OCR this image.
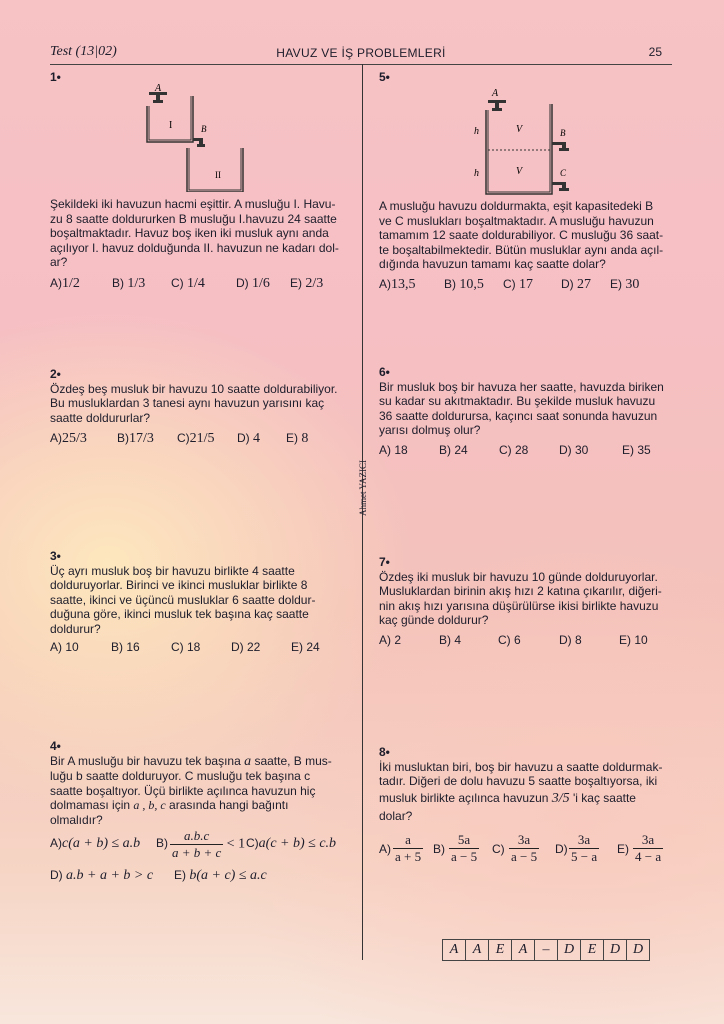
Test (13|02)	HAVUZ VE İŞ PROBLEMLERİ	25
Ahmet YAZICI
1•
A
I	B
II
Şekildeki iki havuzun hacmi eşittir. A musluğu I. Havu-
zu 8 saatte doldururken B musluğu I.havuzu 24 saatte
boşaltmaktadır. Havuz boş iken iki musluk aynı anda
açılıyor I. havuz dolduğunda II. havuzun ne kadarı dol-
ar?
A)1/2	B) 1/3 C) 1/4	D) 1/6 E) 2/3
2•
Özdeş beş musluk bir havuzu 10 saatte doldurabiliyor.
Bu musluklardan 3 tanesi aynı havuzun yarısını kaç
saatte doldururlar?
A)25/3	B)17/3 C)21/5 D) 4 E) 8
3•
Üç ayrı musluk boş bir havuzu birlikte 4 saatte
dolduruyorlar. Birinci ve ikinci musluklar birlikte 8
saatte, ikinci ve üçüncü musluklar 6 saatte doldur-
duğuna göre, ikinci musluk tek başına kaç saatte
doldurur?
A) 10	B) 16	C) 18	D) 22	E) 24
4•
Bir A musluğu bir havuzu tek başına a saatte, B mus-
luğu b saatte dolduruyor. C musluğu tek başına c
saatte boşaltıyor. Üçü birlikte açılınca havuzun hiç
dolmaması için a , b, c arasında hangi bağıntı
olmalıdır?
A)c(a + b) ≤ a.b $B) \frac{a.b.c}{a + b + c} < 1$ C)a(c + b) ≤ c.b
D) a.b + a + b > c E) b(a + c) ≤ a.c
5•
A
h
h
V
V
B
C
A musluğu havuzu doldurmakta, eşit kapasitedeki B
ve C muslukları boşaltmaktadır. A musluğu havuzun
tamamım 12 saate doldurabiliyor. C musluğu 36 saat-
te boşaltabilmektedir. Bütün musluklar aynı anda açıl-
dığında havuzun tamamı kaç saatte dolar?
A)13,5 B) 10,5 C) 17 D) 27 E) 30
6•
Bir musluk boş bir havuza her saatte, havuzda biriken
su kadar su akıtmaktadır. Bu şekilde musluk havuzu
36 saatte doldurursa, kaçıncı saat sonunda havuzun
yarısı dolmuş olur?
A) 18	B) 24	C) 28	D) 30	E) 35
7•
Özdeş iki musluk bir havuzu 10 günde dolduruyorlar.
Musluklardan birinin akış hızı 2 katına çıkarılır, diğeri-
nin akış hızı yarısına düşürülürse ikisi birlikte havuzu
kaç günde doldurur?
A) 2	B) 4	C) 6	D) 8	E) 10
8•
İki musluktan biri, boş bir havuzu a saatte doldurmak-
tadır. Diğeri de dolu havuzu 5 saatte boşaltıyorsa, iki
musluk birlikte açılınca havuzun 3/5 'i kaç saatte
dolar?
$A) \frac{a}{a + 5} B) \frac{5a}{a - 5} C) \frac{3a}{a - 5} D) \frac{3a}{5 - a} E) \frac{3a}{4 - a}$
A	A	E	A	–	D	E	D	D
